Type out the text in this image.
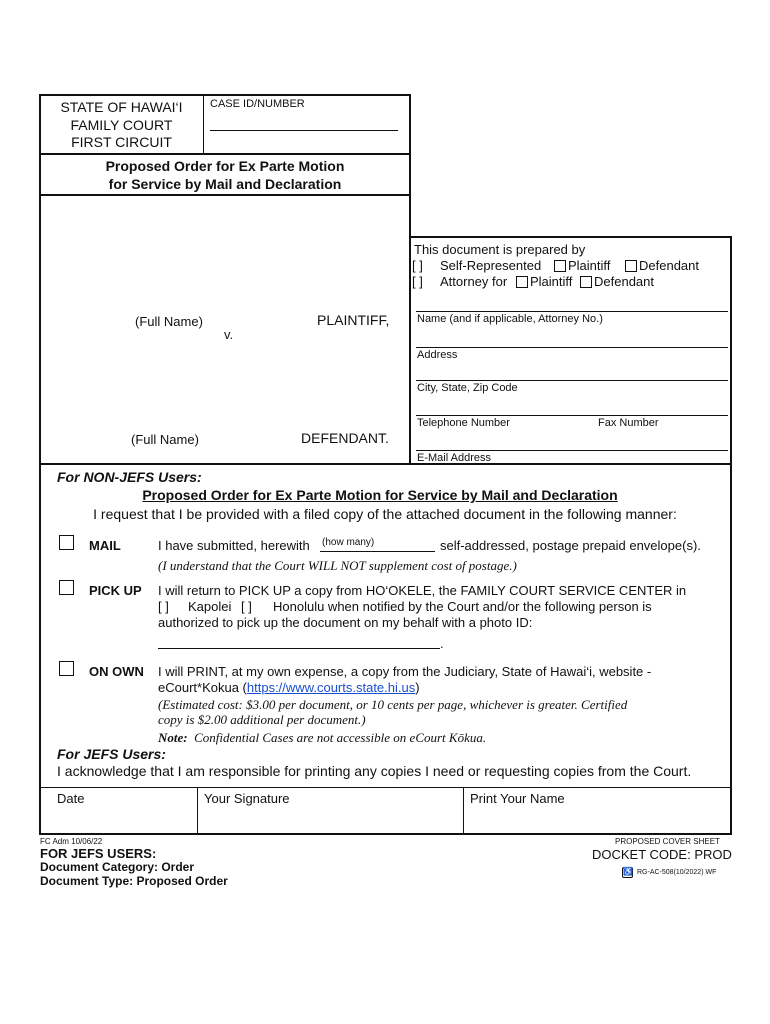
STATE OF HAWAI‘I
FAMILY COURT
FIRST CIRCUIT
CASE ID/NUMBER
Proposed Order for Ex Parte Motion
for Service by Mail and Declaration
(Full Name)
v.
PLAINTIFF,
(Full Name)	DEFENDANT.
This document is prepared by
[ ] Self-Represented Plaintiff Defendant
[ ] Attorney for Plaintiff Defendant
Name (and if applicable, Attorney No.)
Address
City, State, Zip Code
Telephone Number	Fax Number
E-Mail Address
For NON-JEFS Users:
Proposed Order for Ex Parte Motion for Service by Mail and Declaration
I request that I be provided with a filed copy of the attached document in the following manner:
MAIL	I have submitted, herewith (how many)	self-addressed, postage prepaid envelope(s).
(I understand that the Court WILL NOT supplement cost of postage.)
PICK UP I will return to PICK UP a copy from HO‘OKELE, the FAMILY COURT SERVICE CENTER in
[ ] Kapolei [ ] Honolulu when notified by the Court and/or the following person is
authorized to pick up the document on my behalf with a photo ID:
.
ON OWN I will PRINT, at my own expense, a copy from the Judiciary, State of Hawai‘i, website -
eCourt*Kokua (https://www.courts.state.hi.us)
(Estimated cost: $3.00 per document, or 10 cents per page, whichever is greater. Certified
copy is $2.00 additional per document.)
Note: Confidential Cases are not accessible on eCourt Kōkua.
For JEFS Users:
I acknowledge that I am responsible for printing any copies I need or requesting copies from the Court.
Date	Your Signature	Print Your Name
FC Adm 10/06/22
FOR JEFS USERS:
Document Category: Order
Document Type: Proposed Order
PROPOSED COVER SHEET
DOCKET CODE: PROD
♿ RG-AC-508(10/2022) WF
